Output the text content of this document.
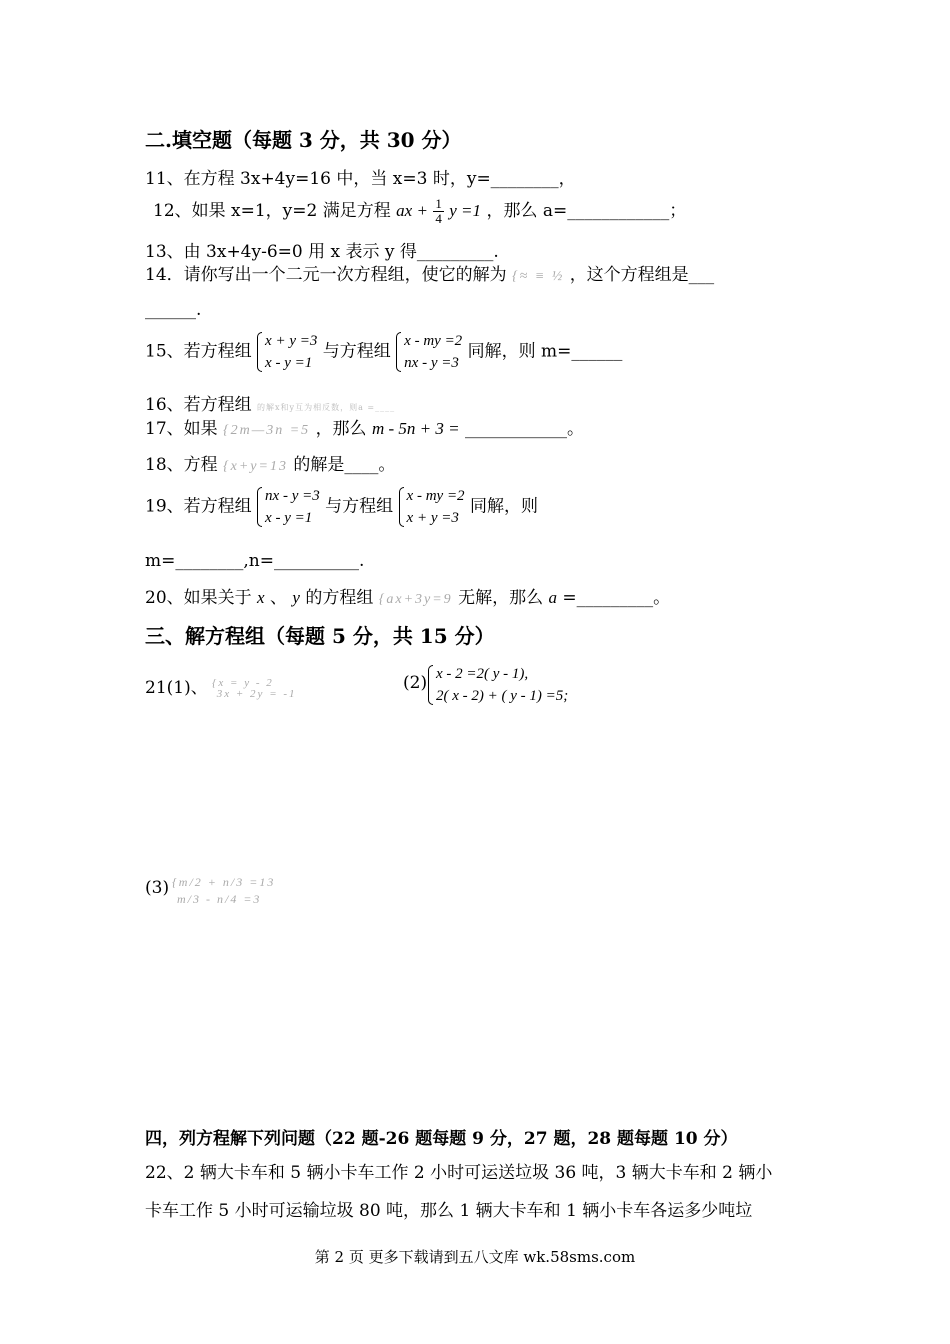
二.填空题（每题 3 分，共 30 分）
11、在方程 3x+4y=16 中，当 x=3 时，y=________，
12、如果 x=1，y=2 满足方程 ax + $\frac{1}{4}$ y =1 ，那么 a=____________；
13、由 3x+4y-6=0 用 x 表示 y 得_________.
14．请你写出一个二元一次方程组，使它的解为 {≈ ≡ ½ ，这个方程组是___
______.
15、若方程组
x + y =3
x - y =1
与方程组
x - my =2
nx - y =3
同解，则 m=______
16、若方程组 的解x和y互为相反数，则a =____
17、如果 {2m—3n =5 ，那么 m - 5n + 3 = ____________。
18、方程 {x+y=13 的解是____。
19、若方程组
nx - y =3
x - y =1
与方程组
x - my =2
x + y =3
同解，则
m=________,n=__________.
20、如果关于 x 、 y 的方程组 {ax+3y=9 无解，那么 a =_________。
三、解方程组（每题 5 分，共 15 分）
21(1)、 {x = y - 2
3x + 2y = -1
(2) x - 2 =2( y - 1),
2( x - 2) + ( y - 1) =5;
(3) {m/2 + n/3 =13
m/3 - n/4 =3
四，列方程解下列问题（22 题-26 题每题 9 分，27 题，28 题每题 10 分）
22、2 辆大卡车和 5 辆小卡车工作 2 小时可运送垃圾 36 吨，3 辆大卡车和 2 辆小
卡车工作 5 小时可运输垃圾 80 吨，那么 1 辆大卡车和 1 辆小卡车各运多少吨垃
第 2 页 更多下载请到五八文库 wk.58sms.com
